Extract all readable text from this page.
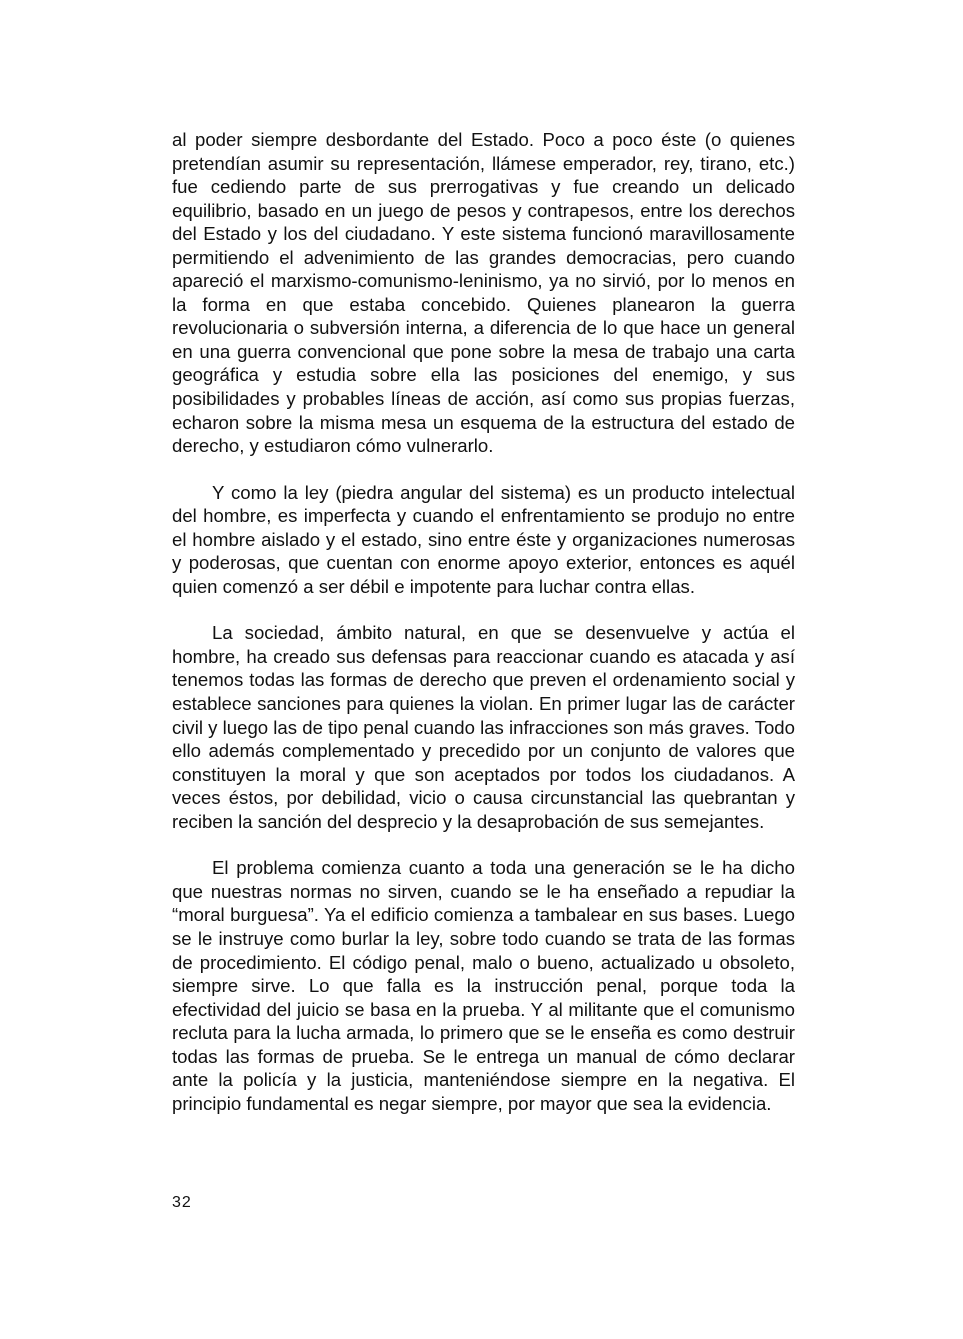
al poder siempre desbordante del Estado. Poco a poco éste (o quienes pretendían asumir su representación, llámese emperador, rey, tirano, etc.) fue cediendo parte de sus prerrogativas y fue creando un delicado equilibrio, basado en un juego de pesos y contrapesos, entre los derechos del Estado y los del ciudadano. Y este sistema funcionó maravillosamente permitiendo el advenimiento de las grandes democracias, pero cuando apareció el marxismo-comunismo-leninismo, ya no sirvió, por lo menos en la forma en que estaba concebido. Quienes planearon la guerra revolucionaria o subversión interna, a diferencia de lo que hace un general en una guerra convencional que pone sobre la mesa de trabajo una carta geográfica y estudia sobre ella las posiciones del enemigo, y sus posibilidades y probables líneas de acción, así como sus propias fuerzas, echaron sobre la misma mesa un esquema de la estructura del estado de derecho, y estudiaron cómo vulnerarlo.

Y como la ley (piedra angular del sistema) es un producto intelectual del hombre, es imperfecta y cuando el enfrentamiento se produjo no entre el hombre aislado y el estado, sino entre éste y organizaciones numerosas y poderosas, que cuentan con enorme apoyo exterior, entonces es aquél quien comenzó a ser débil e impotente para luchar contra ellas.

La sociedad, ámbito natural, en que se desenvuelve y actúa el hombre, ha creado sus defensas para reaccionar cuando es atacada y así tenemos todas las formas de derecho que preven el ordenamiento social y establece sanciones para quienes la violan. En primer lugar las de carácter civil y luego las de tipo penal cuando las infracciones son más graves. Todo ello además complementado y precedido por un conjunto de valores que constituyen la moral y que son aceptados por todos los ciudadanos. A veces éstos, por debilidad, vicio o causa circunstancial las quebrantan y reciben la sanción del desprecio y la desaprobación de sus semejantes.

El problema comienza cuanto a toda una generación se le ha dicho que nuestras normas no sirven, cuando se le ha enseñado a repudiar la “moral burguesa”. Ya el edificio comienza a tambalear en sus bases. Luego se le instruye como burlar la ley, sobre todo cuando se trata de las formas de procedimiento. El código penal, malo o bueno, actualizado u obsoleto, siempre sirve. Lo que falla es la instrucción penal, porque toda la efectividad del juicio se basa en la prueba. Y al militante que el comunismo recluta para la lucha armada, lo primero que se le enseña es como destruir todas las formas de prueba. Se le entrega un manual de cómo declarar ante la policía y la justicia, manteniéndose siempre en la negativa. El principio fundamental es negar siempre, por mayor que sea la evidencia.

32
